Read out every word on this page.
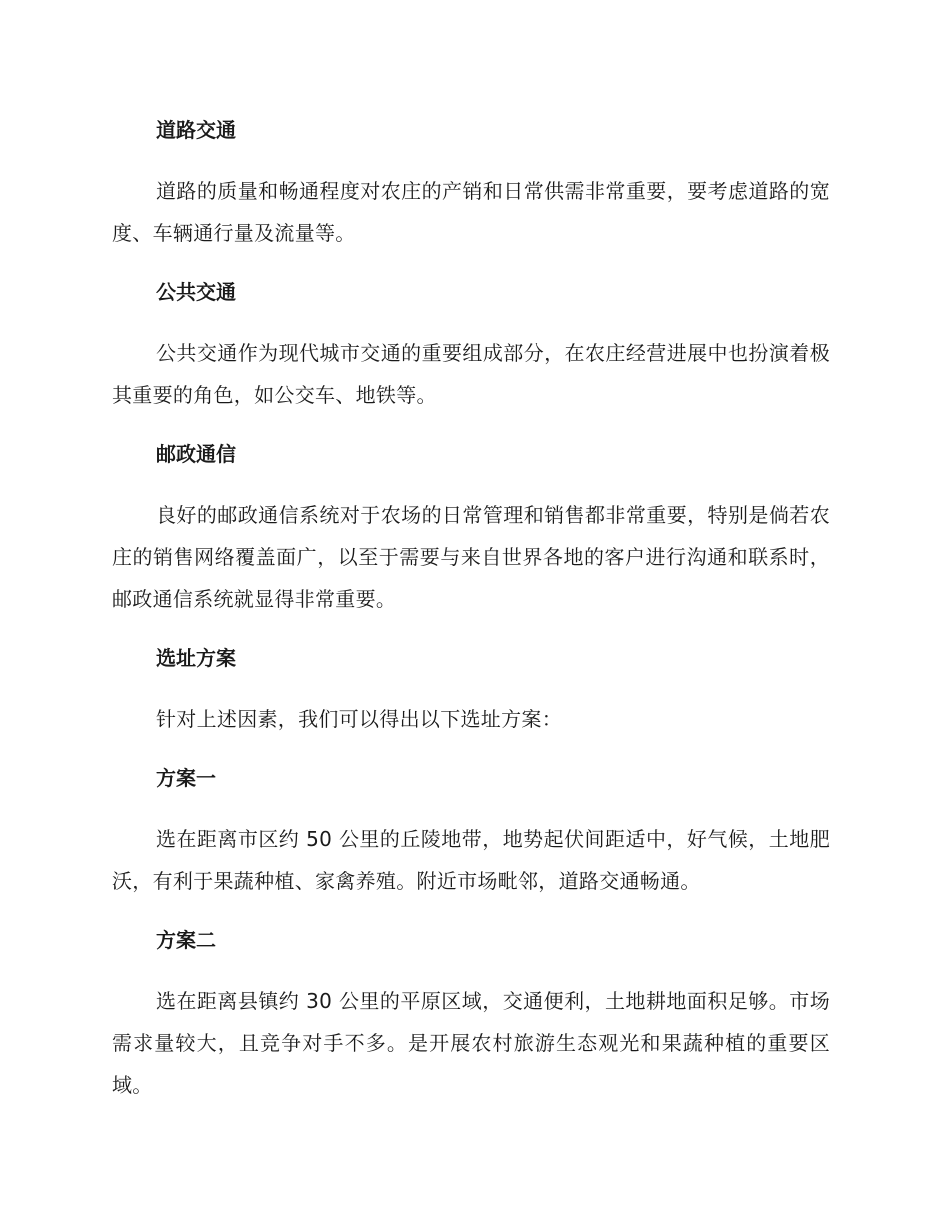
道路交通
道路的质量和畅通程度对农庄的产销和日常供需非常重要，要考虑道路的宽度、车辆通行量及流量等。
公共交通
公共交通作为现代城市交通的重要组成部分，在农庄经营进展中也扮演着极其重要的角色，如公交车、地铁等。
邮政通信
良好的邮政通信系统对于农场的日常管理和销售都非常重要，特别是倘若农庄的销售网络覆盖面广，以至于需要与来自世界各地的客户进行沟通和联系时，邮政通信系统就显得非常重要。
选址方案
针对上述因素，我们可以得出以下选址方案：
方案一
选在距离市区约 50 公里的丘陵地带，地势起伏间距适中，好气候，土地肥沃，有利于果蔬种植、家禽养殖。附近市场毗邻，道路交通畅通。
方案二
选在距离县镇约 30 公里的平原区域，交通便利，土地耕地面积足够。市场需求量较大，且竞争对手不多。是开展农村旅游生态观光和果蔬种植的重要区域。
